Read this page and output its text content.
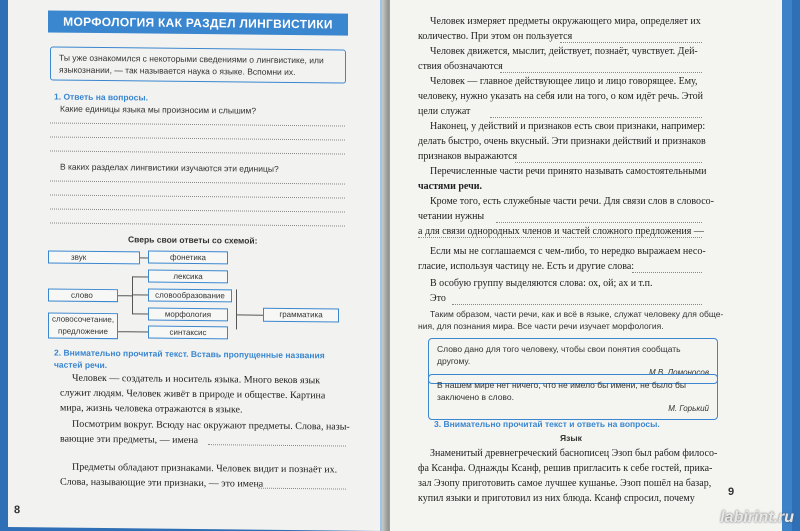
МОРФОЛОГИЯ КАК РАЗДЕЛ ЛИНГВИСТИКИ
Ты уже ознакомился с некоторыми сведениями о лингвистике, или языкознании, — так называется наука о языке. Вспомни их.
1. Ответь на вопросы.
Какие единицы языка мы произносим и слышим?
В каких разделах лингвистики изучаются эти единицы?
Сверь свои ответы со схемой:
звук	фонетика
лексика
слово	словообразование
морфология
синтаксис
словосочетание,
предложение
грамматика
2. Внимательно прочитай текст. Вставь пропущенные названия частей речи.
Человек — создатель и носитель языка. Много веков язык служит людям. Человек живёт в природе и обществе. Картина мира, жизнь человека отражаются в языке.
Посмотрим вокруг. Всюду нас окружают предметы. Слова, назы-
вающие эти предметы, — имена
Предметы обладают признаками. Человек видит и познаёт их.
Слова, называющие эти признаки, — это имена
8
Человек измеряет предметы окружающего мира, определяет их
количество. При этом он пользуется
Человек движется, мыслит, действует, познаёт, чувствует. Дей-
ствия обозначаются
Человек — главное действующее лицо и лицо говорящее. Ему,
человеку, нужно указать на себя или на того, о ком идёт речь. Этой
цели служат
Наконец, у действий и признаков есть свои признаки, например:
делать быстро, очень вкусный. Эти признаки действий и признаков
признаков выражаются
Перечисленные части речи принято называть самостоятельными
частями речи.
Кроме того, есть служебные части речи. Для связи слов в словосо-
четании нужны
а для связи однородных членов и частей сложного предложения —
Если мы не соглашаемся с чем-либо, то нередко выражаем несо-
гласие, используя частицу не. Есть и другие слова:
В особую группу выделяются слова: ох, ой; ах и т.п.
Это
Таким образом, части речи, как и всё в языке, служат человеку для обще-
ния, для познания мира. Все части речи изучает морфология.
3. Внимательно прочитай текст и ответь на вопросы.
Язык
Знаменитый древнегреческий баснописец Эзоп был рабом филосо-
фа Ксанфа. Однажды Ксанф, решив пригласить к себе гостей, прика-
зал Эзопу приготовить самое лучшее кушанье. Эзоп пошёл на базар,
купил языки и приготовил из них блюда. Ксанф спросил, почему
9
Слово дано для того человеку, чтобы свои понятия сообщать другому.
М.В. Ломоносов
В нашем мире нет ничего, что не имело бы имени, не было бы заключено в слово.
М. Горький
labirint.ru
